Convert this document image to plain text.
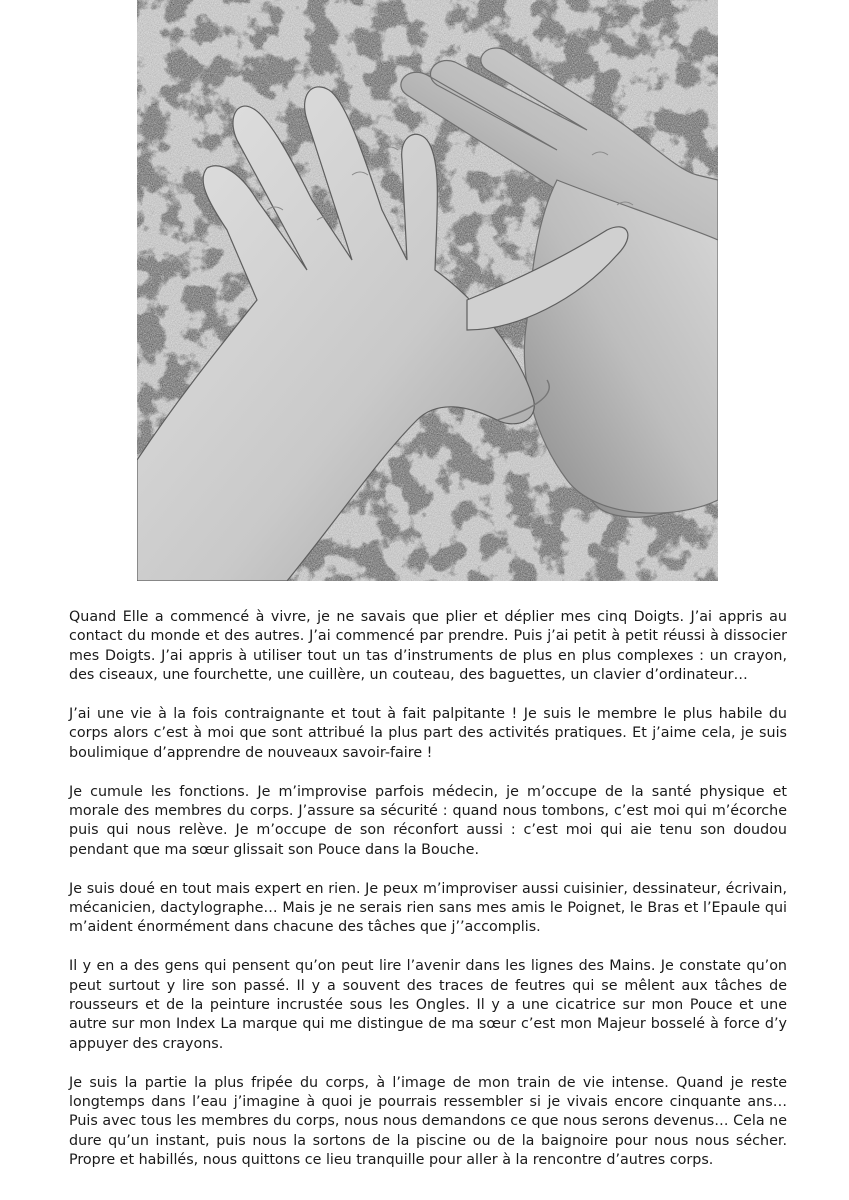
Quand Elle a commencé à vivre, je ne savais que plier et déplier mes cinq Doigts. J’ai appris au contact du monde et des autres. J’ai commencé par prendre. Puis j’ai petit à petit réussi à dissocier mes Doigts. J’ai appris à utiliser tout un tas d’instruments de plus en plus complexes : un crayon, des ciseaux, une fourchette, une cuillère, un couteau, des baguettes, un clavier d’ordinateur…

J’ai une vie à la fois contraignante et tout à fait palpitante ! Je suis le membre le plus habile du corps alors c’est à moi que sont attribué la plus part des activités pratiques. Et j’aime cela, je suis boulimique d’apprendre de nouveaux savoir-faire !

Je cumule les fonctions. Je m’improvise parfois médecin, je m’occupe de la santé physique et morale des membres du corps. J’assure sa sécurité : quand nous tombons, c’est moi qui m’écorche puis qui nous relève. Je m’occupe de son réconfort aussi : c’est moi qui aie tenu son doudou pendant que ma sœur glissait son Pouce dans la Bouche.

Je suis doué en tout mais expert en rien. Je peux m’improviser aussi cuisinier, dessinateur, écrivain, mécanicien, dactylographe… Mais je ne serais rien sans mes amis le Poignet, le Bras et l’Epaule qui m’aident énormément dans chacune des tâches que j’’accomplis.

Il y en a des gens qui pensent qu’on peut lire l’avenir dans les lignes des Mains. Je constate qu’on peut surtout y lire son passé. Il y a souvent des traces de feutres qui se mêlent aux tâches de rousseurs et de la peinture incrustée sous les Ongles. Il y a une cicatrice sur mon Pouce et une autre sur mon Index La marque qui me distingue de ma sœur c’est mon Majeur bosselé à force d’y appuyer des crayons.

Je suis la partie la plus fripée du corps, à l’image de mon train de vie intense. Quand je reste longtemps dans l’eau j’imagine à quoi je pourrais ressembler si je vivais encore cinquante ans… Puis avec tous les membres du corps, nous nous demandons ce que nous serons devenus… Cela ne dure qu’un instant, puis nous la sortons de la piscine ou de la baignoire pour nous nous sécher. Propre et habillés, nous quittons ce lieu tranquille pour aller à la rencontre d’autres corps.
